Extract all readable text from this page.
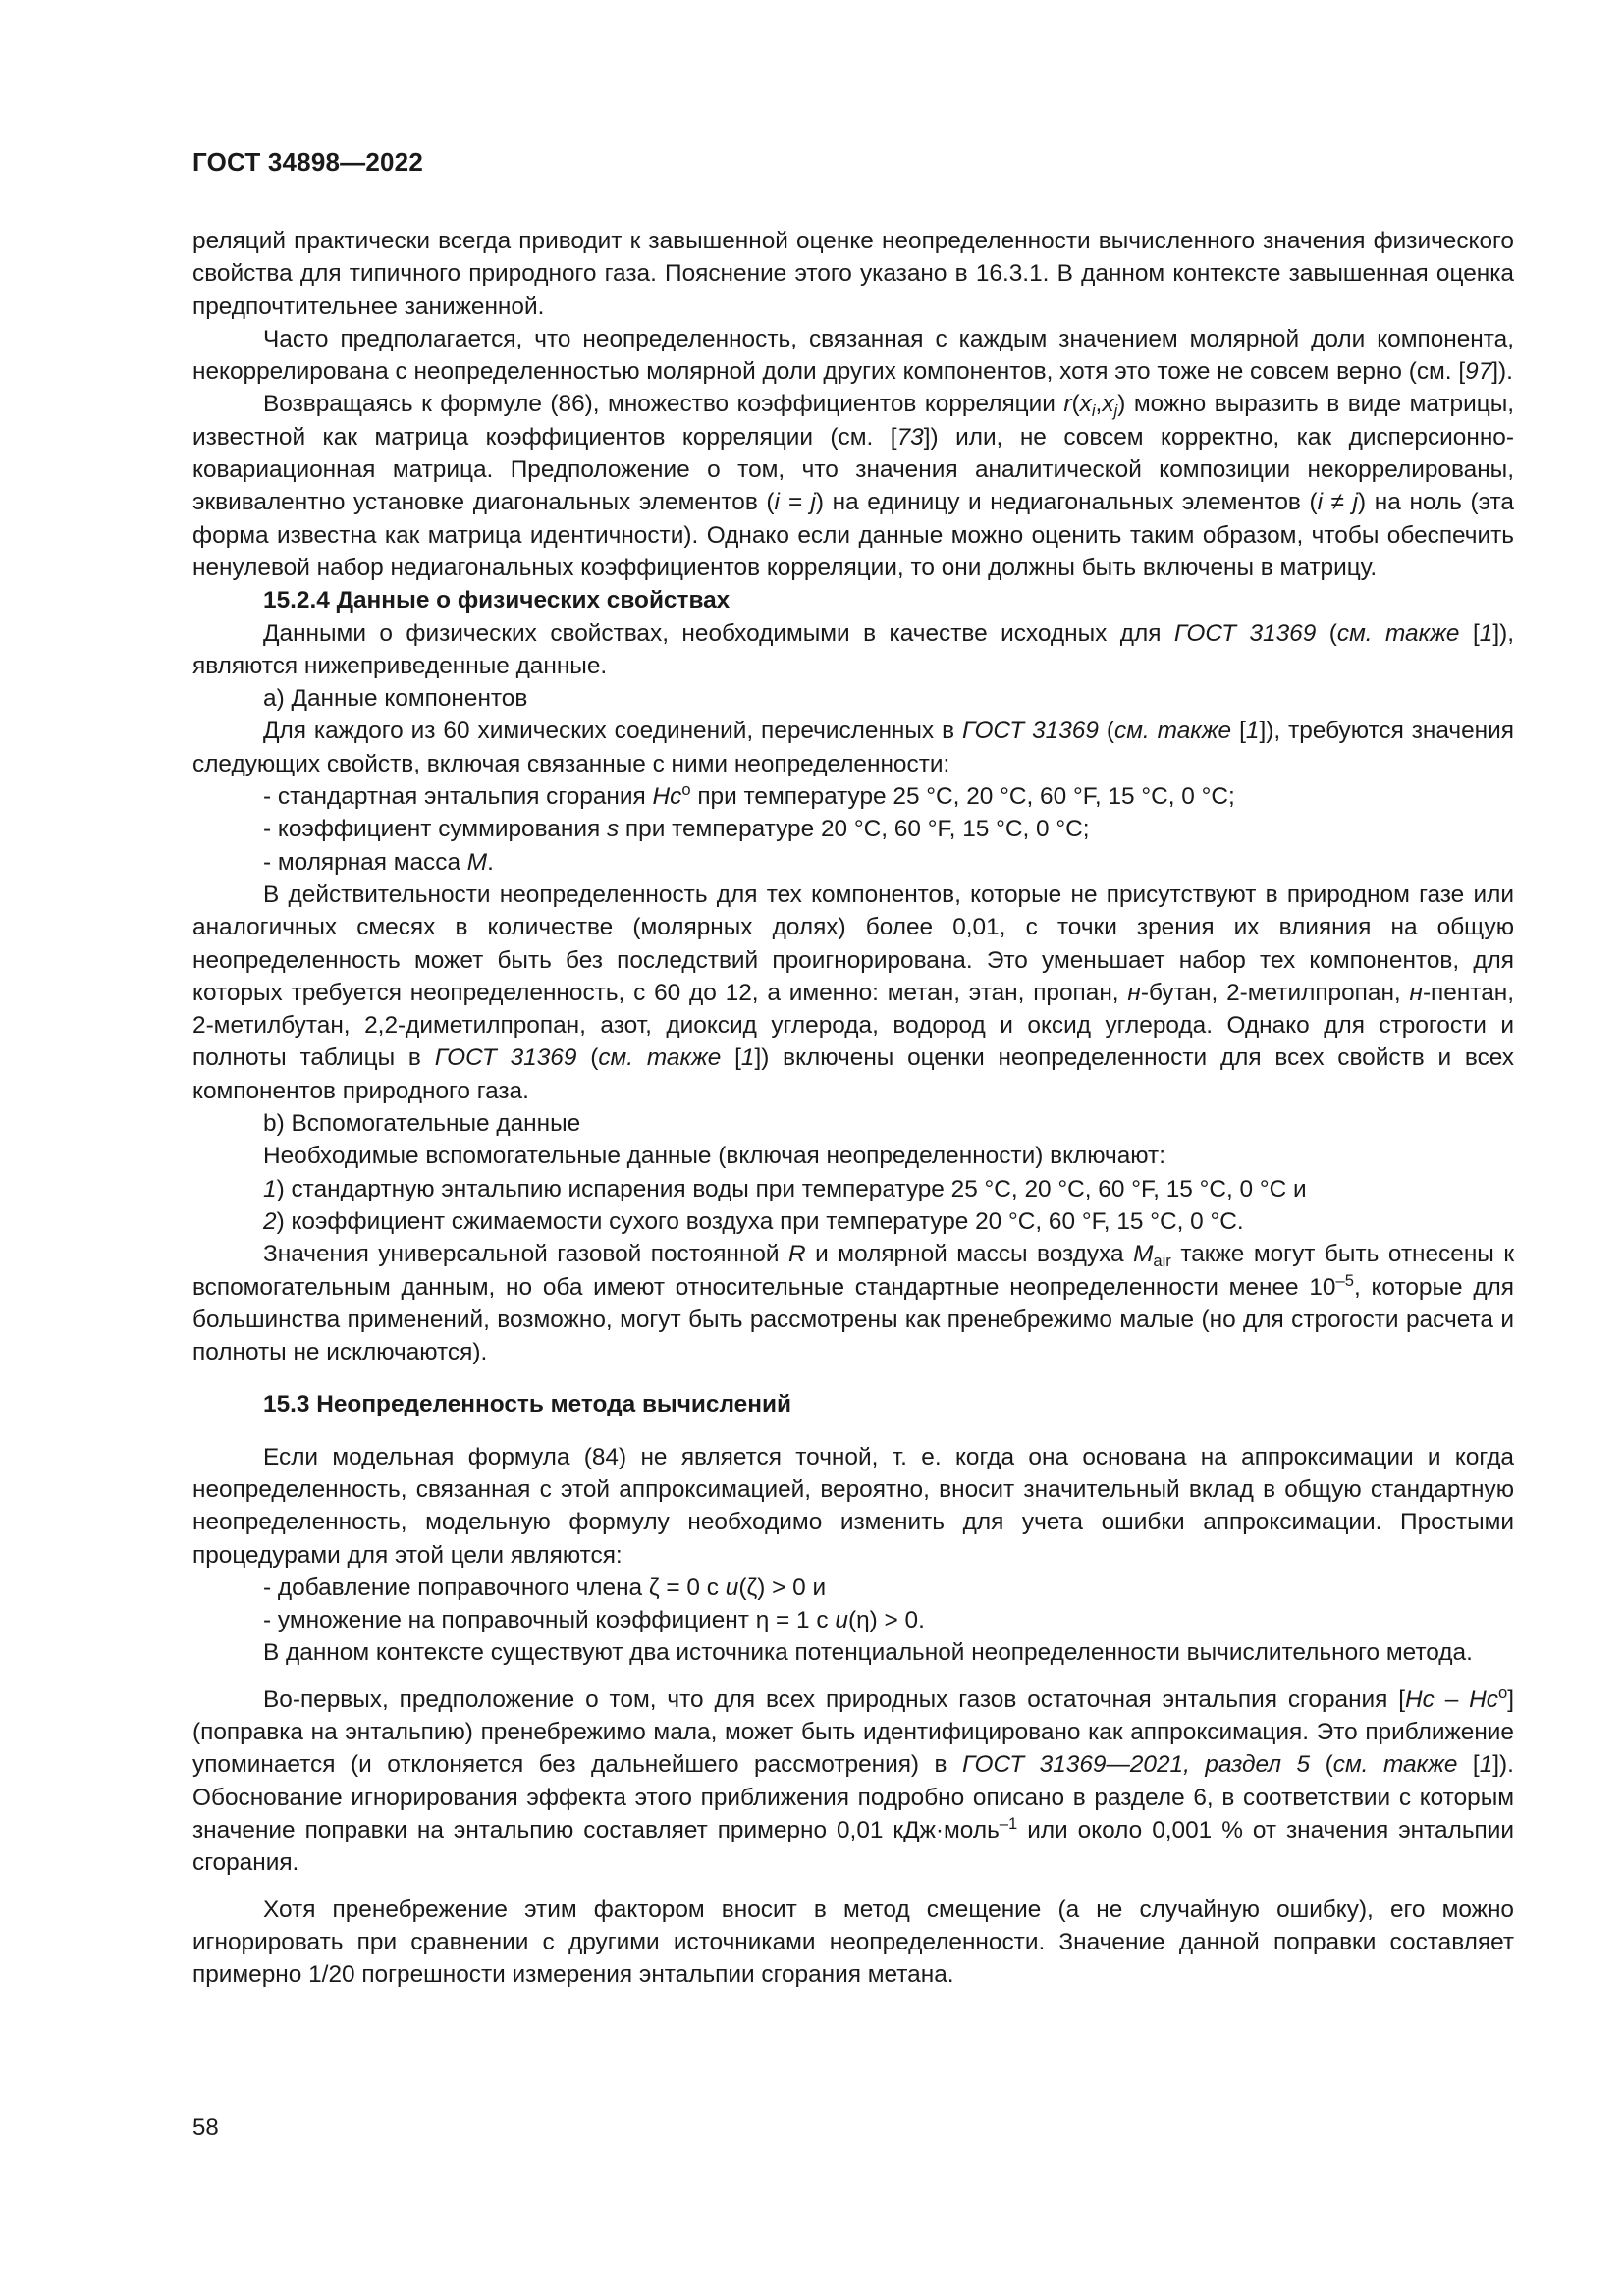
ГОСТ 34898—2022

реляций практически всегда приводит к завышенной оценке неопределенности вычисленного значения физического свойства для типичного природного газа. Пояснение этого указано в 16.3.1. В данном контексте завышенная оценка предпочтительнее заниженной.

Часто предполагается, что неопределенность, связанная с каждым значением молярной доли компонента, некоррелирована с неопределенностью молярной доли других компонентов, хотя это тоже не совсем верно (см. [97]).

Возвращаясь к формуле (86), множество коэффициентов корреляции $r(x_i,x_j)$ можно выразить в виде матрицы, известной как матрица коэффициентов корреляции (см. [73]) или, не совсем корректно, как дисперсионно-ковариационная матрица. Предположение о том, что значения аналитической композиции некоррелированы, эквивалентно установке диагональных элементов (i = j) на единицу и недиагональных элементов (i ≠ j) на ноль (эта форма известна как матрица идентичности). Однако если данные можно оценить таким образом, чтобы обеспечить ненулевой набор недиагональных коэффициентов корреляции, то они должны быть включены в матрицу.

15.2.4 Данные о физических свойствах

Данными о физических свойствах, необходимыми в качестве исходных для ГОСТ 31369 (см. также [1]), являются нижеприведенные данные.

a) Данные компонентов

Для каждого из 60 химических соединений, перечисленных в ГОСТ 31369 (см. также [1]), требуются значения следующих свойств, включая связанные с ними неопределенности:

- стандартная энтальпия сгорания Hc$^o$ при температуре 25 °C, 20 °C, 60 °F, 15 °C, 0 °C;

- коэффициент суммирования s при температуре 20 °C, 60 °F, 15 °C, 0 °C;

- молярная масса M.

В действительности неопределенность для тех компонентов, которые не присутствуют в природном газе или аналогичных смесях в количестве (молярных долях) более 0,01, с точки зрения их влияния на общую неопределенность может быть без последствий проигнорирована. Это уменьшает набор тех компонентов, для которых требуется неопределенность, с 60 до 12, а именно: метан, этан, пропан, н-бутан, 2-метилпропан, н-пентан, 2-метилбутан, 2,2-диметилпропан, азот, диоксид углерода, водород и оксид углерода. Однако для строгости и полноты таблицы в ГОСТ 31369 (см. также [1]) включены оценки неопределенности для всех свойств и всех компонентов природного газа.

b) Вспомогательные данные

Необходимые вспомогательные данные (включая неопределенности) включают:

1) стандартную энтальпию испарения воды при температуре 25 °C, 20 °C, 60 °F, 15 °C, 0 °C и

2) коэффициент сжимаемости сухого воздуха при температуре 20 °C, 60 °F, 15 °C, 0 °C.

Значения универсальной газовой постоянной R и молярной массы воздуха $M_{air}$ также могут быть отнесены к вспомогательным данным, но оба имеют относительные стандартные неопределенности менее $10^{-5}$, которые для большинства применений, возможно, могут быть рассмотрены как пренебрежимо малые (но для строгости расчета и полноты не исключаются).

15.3 Неопределенность метода вычислений

Если модельная формула (84) не является точной, т. е. когда она основана на аппроксимации и когда неопределенность, связанная с этой аппроксимацией, вероятно, вносит значительный вклад в общую стандартную неопределенность, модельную формулу необходимо изменить для учета ошибки аппроксимации. Простыми процедурами для этой цели являются:

- добавление поправочного члена ζ = 0 с u(ζ) > 0 и

- умножение на поправочный коэффициент η = 1 с u(η) > 0.

В данном контексте существуют два источника потенциальной неопределенности вычислительного метода.

Во-первых, предположение о том, что для всех природных газов остаточная энтальпия сгорания [Hc – Hc$^o$] (поправка на энтальпию) пренебрежимо мала, может быть идентифицировано как аппроксимация. Это приближение упоминается (и отклоняется без дальнейшего рассмотрения) в ГОСТ 31369—2021, раздел 5 (см. также [1]). Обоснование игнорирования эффекта этого приближения подробно описано в разделе 6, в соответствии с которым значение поправки на энтальпию составляет примерно 0,01 кДж·моль$^{-1}$ или около 0,001 % от значения энтальпии сгорания.

Хотя пренебрежение этим фактором вносит в метод смещение (а не случайную ошибку), его можно игнорировать при сравнении с другими источниками неопределенности. Значение данной поправки составляет примерно 1/20 погрешности измерения энтальпии сгорания метана.

58
